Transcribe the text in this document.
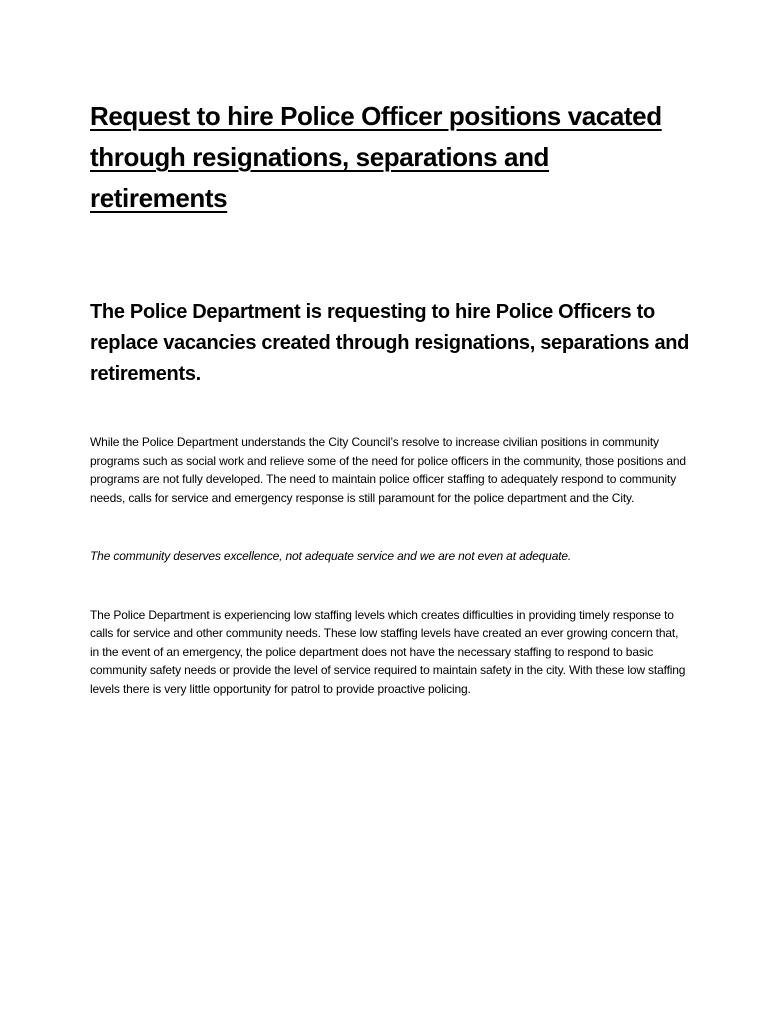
Request to hire Police Officer positions vacated through resignations, separations and retirements
The Police Department is requesting to hire Police Officers to replace vacancies created through resignations, separations and retirements.

While the Police Department understands the City Council’s resolve to increase civilian positions in community programs such as social work and relieve some of the need for police officers in the community, those positions and programs are not fully developed. The need to maintain police officer staffing to adequately respond to community needs, calls for service and emergency response is still paramount for the police department and the City.

The community deserves excellence, not adequate service and we are not even at adequate.

The Police Department is experiencing low staffing levels which creates difficulties in providing timely response to calls for service and other community needs. These low staffing levels have created an ever growing concern that, in the event of an emergency, the police department does not have the necessary staffing to respond to basic community safety needs or provide the level of service required to maintain safety in the city. With these low staffing levels there is very little opportunity for patrol to provide proactive policing.
